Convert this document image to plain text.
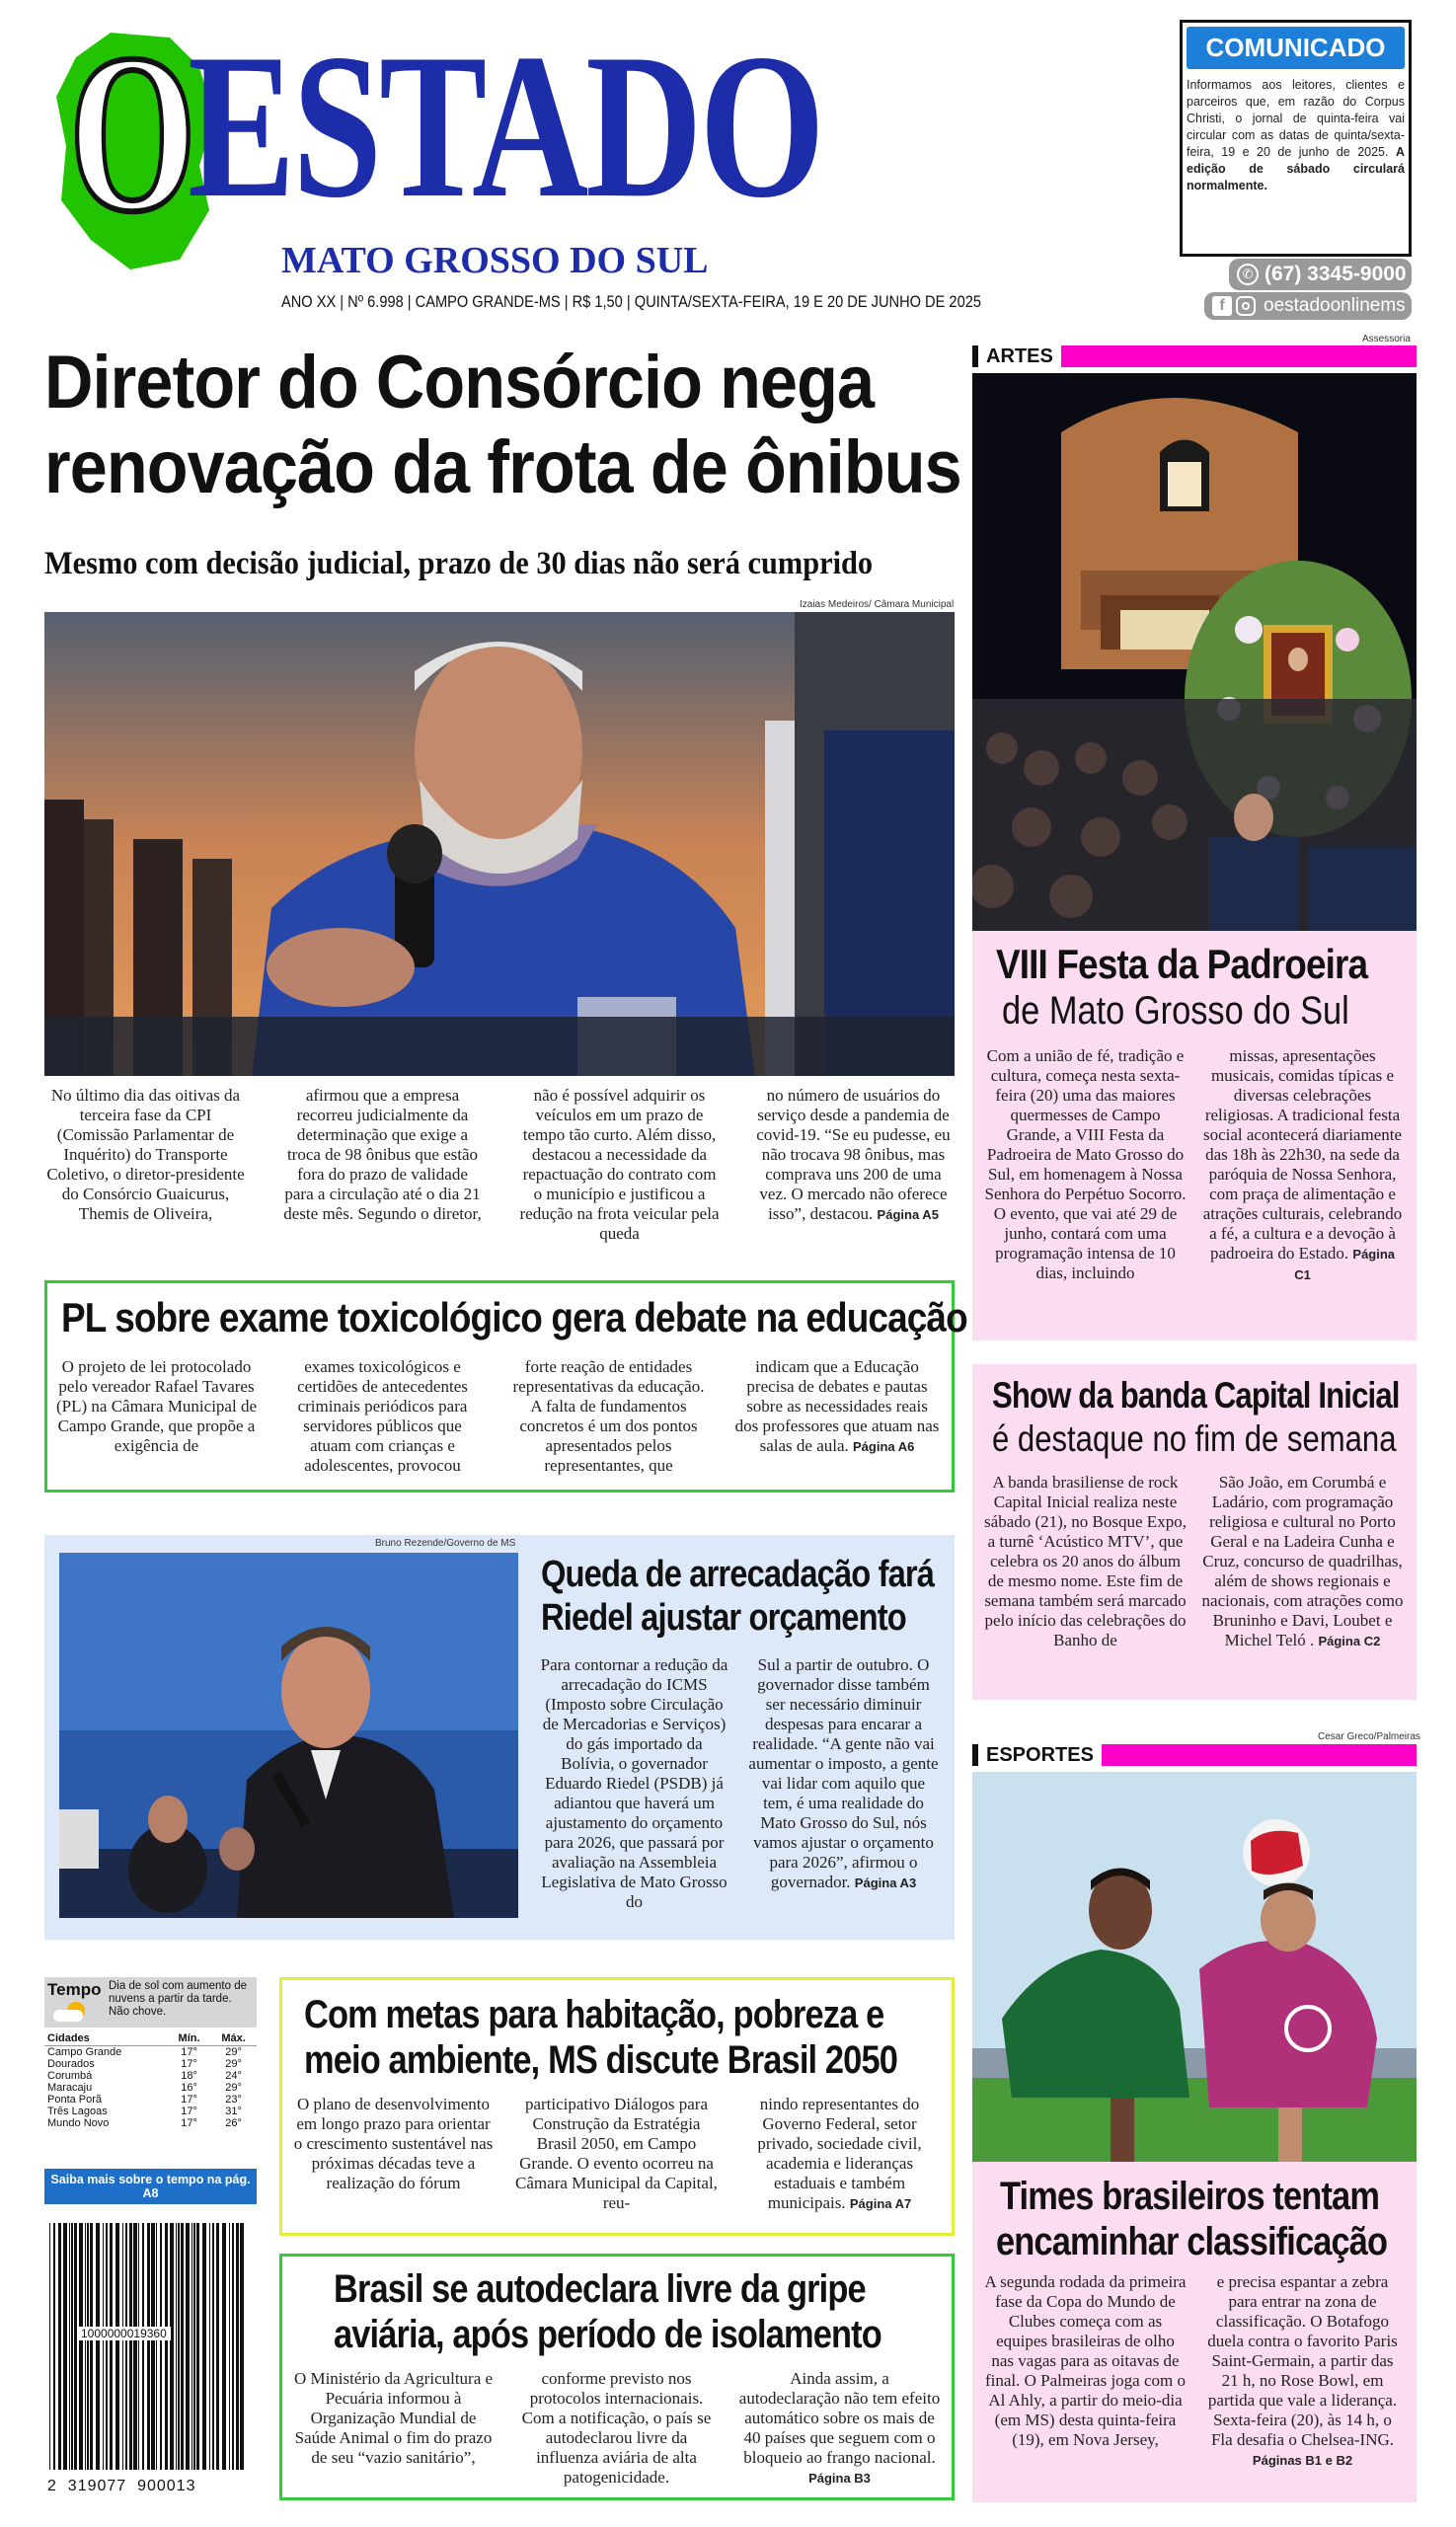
O
ESTADO
MATO GROSSO DO SUL
ANO XX | Nº 6.998 | CAMPO GRANDE-MS | R$ 1,50 | QUINTA/SEXTA-FEIRA, 19 E 20 DE JUNHO DE 2025
COMUNICADO
Informamos aos leitores, clientes e parceiros que, em razão do Corpus Christi, o jornal de quinta-feira vai circular com as datas de quinta/sexta-feira, 19 e 20 de junho de 2025. A edição de sábado circulará normalmente.
✆ (67) 3345-9000
f	oestadoonlinems
Diretor do Consórcio nega
renovação da frota de ônibus
Mesmo com decisão judicial, prazo de 30 dias não será cumprido
Izaias Medeiros/ Câmara Municipal
No último dia das oitivas da terceira fase da CPI (Comissão Parlamentar de Inquérito) do Transporte Coletivo, o diretor-presidente do Consórcio Guaicurus, Themis de Oliveira,
afirmou que a empresa recorreu judicialmente da determinação que exige a troca de 98 ônibus que estão fora do prazo de validade para a circulação até o dia 21 deste mês. Segundo o diretor,
não é possível adquirir os veículos em um prazo de tempo tão curto. Além disso, destacou a necessidade da repactuação do contrato com o município e justificou a redução na frota veicular pela queda
no número de usuários do serviço desde a pandemia de covid-19. “Se eu pudesse, eu não trocava 98 ônibus, mas comprava uns 200 de uma vez. O mercado não oferece isso”, destacou. Página A5
PL sobre exame toxicológico gera debate na educação
O projeto de lei protocolado pelo vereador Rafael Tavares (PL) na Câmara Municipal de Campo Grande, que propõe a exigência de
exames toxicológicos e certidões de antecedentes criminais periódicos para servidores públicos que atuam com crianças e adolescentes, provocou
forte reação de entidades representativas da educação. A falta de fundamentos concretos é um dos pontos apresentados pelos representantes, que
indicam que a Educação precisa de debates e pautas sobre as necessidades reais dos professores que atuam nas salas de aula. Página A6
Bruno Rezende/Governo de MS
Queda de arrecadação fará
Riedel ajustar orçamento
Para contornar a redução da arrecadação do ICMS (Imposto sobre Circulação de Mercadorias e Serviços) do gás importado da Bolívia, o governador Eduardo Riedel (PSDB) já adiantou que haverá um ajustamento do orçamento para 2026, que passará por avaliação na Assembleia Legislativa de Mato Grosso do
Sul a partir de outubro. O governador disse também ser necessário diminuir despesas para encarar a realidade. “A gente não vai aumentar o imposto, a gente vai lidar com aquilo que tem, é uma realidade do Mato Grosso do Sul, nós vamos ajustar o orçamento para 2026”, afirmou o governador. Página A3
Tempo Dia de sol com aumento de nuvens a partir da tarde. Não chove.
Cidades	Mín.	Máx.
Campo Grande	17°	29°
Dourados	17°	29°
Corumbá	18°	24°
Maracaju	16°	29°
Ponta Porã	17°	23°
Três Lagoas	17°	31°
Mundo Novo	17°	26°
Saiba mais sobre o tempo na pág. A8
1000000019360
2  319077  900013
Com metas para habitação, pobreza e
meio ambiente, MS discute Brasil 2050
O plano de desenvolvimento em longo prazo para orientar o crescimento sustentável nas próximas décadas teve a realização do fórum
participativo Diálogos para Construção da Estratégia Brasil 2050, em Campo Grande. O evento ocorreu na Câmara Municipal da Capital, reu-
nindo representantes do Governo Federal, setor privado, sociedade civil, academia e lideranças estaduais e também municipais. Página A7
Brasil se autodeclara livre da gripe
aviária, após período de isolamento
O Ministério da Agricultura e Pecuária informou à Organização Mundial de Saúde Animal o fim do prazo de seu “vazio sanitário”,
conforme previsto nos protocolos internacionais. Com a notificação, o país se autodeclarou livre da influenza aviária de alta patogenicidade.
Ainda assim, a autodeclaração não tem efeito automático sobre os mais de 40 países que seguem com o bloqueio ao frango nacional. Página B3
ARTES
Assessoria
VIII Festa da Padroeira
de Mato Grosso do Sul
Com a união de fé, tradição e cultura, começa nesta sexta-feira (20) uma das maiores quermesses de Campo Grande, a VIII Festa da Padroeira de Mato Grosso do Sul, em homenagem à Nossa Senhora do Perpétuo Socorro. O evento, que vai até 29 de junho, contará com uma programação intensa de 10 dias, incluindo
missas, apresentações musicais, comidas típicas e diversas celebrações religiosas. A tradicional festa social acontecerá diariamente das 18h às 22h30, na sede da paróquia de Nossa Senhora, com praça de alimentação e atrações culturais, celebrando a fé, a cultura e a devoção à padroeira do Estado. Página C1
Show da banda Capital Inicial
é destaque no fim de semana
A banda brasiliense de rock Capital Inicial realiza neste sábado (21), no Bosque Expo, a turnê ‘Acústico MTV’, que celebra os 20 anos do álbum de mesmo nome. Este fim de semana também será marcado pelo início das celebrações do Banho de
São João, em Corumbá e Ladário, com programação religiosa e cultural no Porto Geral e na Ladeira Cunha e Cruz, concurso de quadrilhas, além de shows regionais e nacionais, com atrações como Bruninho e Davi, Loubet e Michel Teló . Página C2
ESPORTES
Cesar Greco/Palmeiras
Times brasileiros tentam
encaminhar classificação
A segunda rodada da primeira fase da Copa do Mundo de Clubes começa com as equipes brasileiras de olho nas vagas para as oitavas de final. O Palmeiras joga com o Al Ahly, a partir do meio-dia (em MS) desta quinta-feira (19), em Nova Jersey,
e precisa espantar a zebra para entrar na zona de classificação. O Botafogo duela contra o favorito Paris Saint-Germain, a partir das 21 h, no Rose Bowl, em partida que vale a liderança. Sexta-feira (20), às 14 h, o Fla desafia o Chelsea-ING. Páginas B1 e B2
